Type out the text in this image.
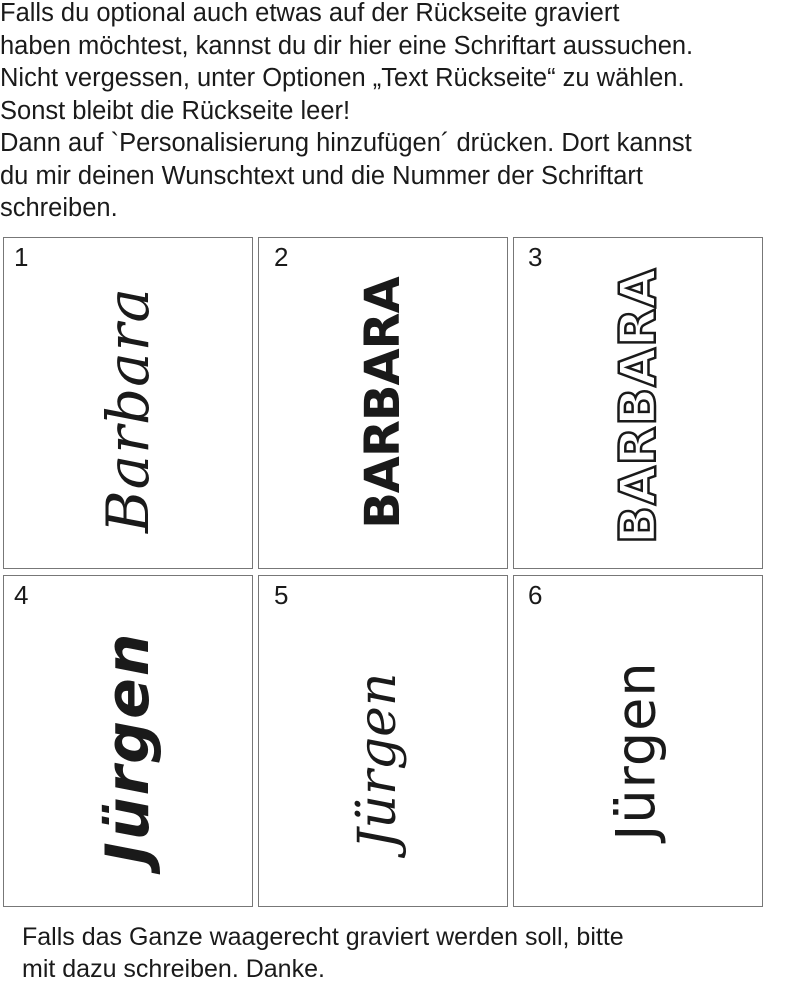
Falls du optional auch etwas auf der Rückseite graviert
haben möchtest, kannst du dir hier eine Schriftart aussuchen.
Nicht vergessen, unter Optionen „Text Rückseite“ zu wählen.
Sonst bleibt die Rückseite leer!
Dann auf `Personalisierung hinzufügen´ drücken. Dort kannst
du mir deinen Wunschtext und die Nummer der Schriftart
schreiben.
1
Barbara
2
BARBARA
3
BARBARA
4
Jürgen
5
Jürgen
6
Jürgen
Falls das Ganze waagerecht graviert werden soll, bitte
mit dazu schreiben. Danke.
